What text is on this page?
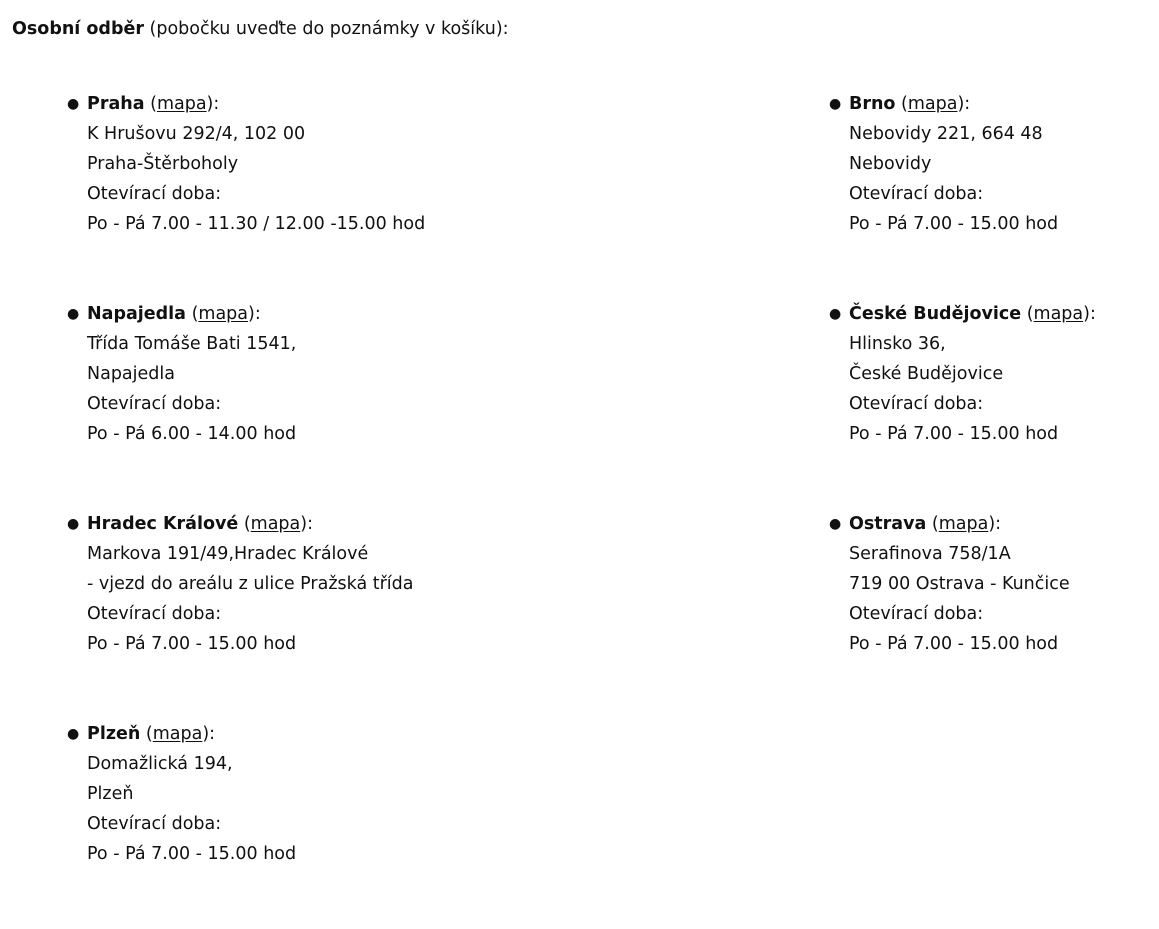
Osobní odběr (pobočku uveďte do poznámky v košíku):
● Praha (mapa):
K Hrušovu 292/4, 102 00
Praha-Štěrboholy
Otevírací doba:
Po - Pá 7.00 - 11.30 / 12.00 -15.00 hod
● Napajedla (mapa):
Třída Tomáše Bati 1541,
Napajedla
Otevírací doba:
Po - Pá 6.00 - 14.00 hod
● Hradec Králové (mapa):
Markova 191/49,Hradec Králové
- vjezd do areálu z ulice Pražská třída
Otevírací doba:
Po - Pá 7.00 - 15.00 hod
● Plzeň (mapa):
Domažlická 194,
Plzeň
Otevírací doba:
Po - Pá 7.00 - 15.00 hod
● Brno (mapa):
Nebovidy 221, 664 48
Nebovidy
Otevírací doba:
Po - Pá 7.00 - 15.00 hod
● České Budějovice (mapa):
Hlinsko 36,
České Budějovice
Otevírací doba:
Po - Pá 7.00 - 15.00 hod
● Ostrava (mapa):
Serafinova 758/1A
719 00 Ostrava - Kunčice
Otevírací doba:
Po - Pá 7.00 - 15.00 hod
